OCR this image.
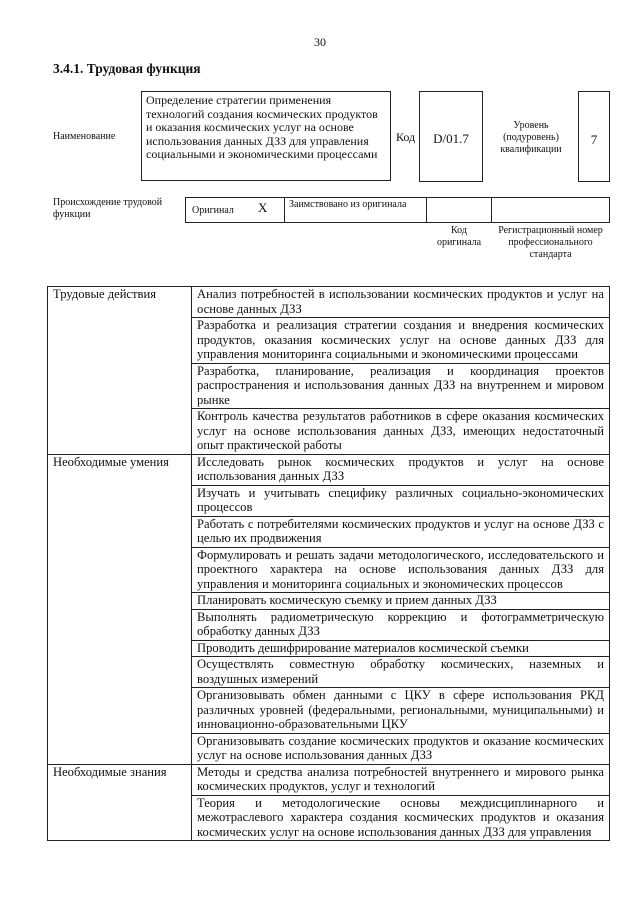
30
3.4.1. Трудовая функция
Наименование
Определение стратегии применения технологий создания космических продуктов и оказания космических услуг на основе использования данных ДЗЗ для управления социальными и экономическими процессами
Код	D/01.7
Уровень (подуровень) квалификации
7
Происхождение трудовой функции	Оригинал X	Заимствовано из оригинала
Код оригинала
Регистрационный номер профессионального стандарта
Трудовые действия	Анализ потребностей в использовании космических продуктов и услуг на основе данных ДЗЗ
	Разработка и реализация стратегии создания и внедрения космических продуктов, оказания космических услуг на основе данных ДЗЗ для управления мониторинга социальными и экономическими процессами
	Разработка, планирование, реализация и координация проектов распространения и использования данных ДЗЗ на внутреннем и мировом рынке
	Контроль качества результатов работников в сфере оказания космических услуг на основе использования данных ДЗЗ, имеющих недостаточный опыт практической работы
Необходимые умения	Исследовать рынок космических продуктов и услуг на основе использования данных ДЗЗ
	Изучать и учитывать специфику различных социально-экономических процессов
	Работать с потребителями космических продуктов и услуг на основе ДЗЗ с целью их продвижения
	Формулировать и решать задачи методологического, исследовательского и проектного характера на основе использования данных ДЗЗ для управления и мониторинга социальных и экономических процессов
	Планировать космическую съемку и прием данных ДЗЗ
	Выполнять радиометрическую коррекцию и фотограмметрическую обработку данных ДЗЗ
	Проводить дешифрирование материалов космической съемки
	Осуществлять совместную обработку космических, наземных и воздушных измерений
	Организовывать обмен данными с ЦКУ в сфере использования РКД различных уровней (федеральными, региональными, муниципальными) и инновационно-образовательными ЦКУ
	Организовывать создание космических продуктов и оказание космических услуг на основе использования данных ДЗЗ
Необходимые знания	Методы и средства анализа потребностей внутреннего и мирового рынка космических продуктов, услуг и технологий
	Теория и методологические основы междисциплинарного и межотраслевого характера создания космических продуктов и оказания космических услуг на основе использования данных ДЗЗ для управления
